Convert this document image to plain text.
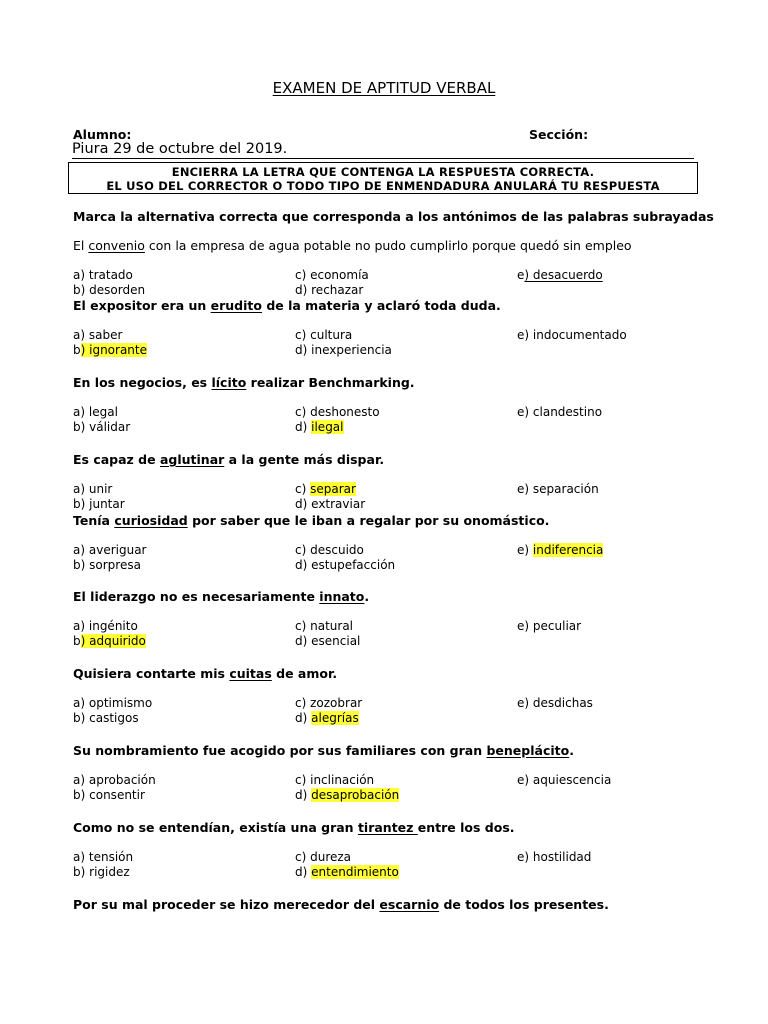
EXAMEN DE APTITUD VERBAL
Alumno:	Sección:
Piura 29 de octubre del 2019.
ENCIERRA LA LETRA QUE CONTENGA LA RESPUESTA CORRECTA.
EL USO DEL CORRECTOR O TODO TIPO DE ENMENDADURA ANULARÁ TU RESPUESTA
Marca la alternativa correcta que corresponda a los antónimos de las palabras subrayadas
El convenio con la empresa de agua potable no pudo cumplirlo porque quedó sin empleo
a) tratado
b) desorden
c) economía
d) rechazar
e) desacuerdo
El expositor era un erudito de la materia y aclaró toda duda.
a) saber
b) ignorante
c) cultura
d) inexperiencia
e) indocumentado
En los negocios, es lícito realizar Benchmarking.
a) legal
b) válidar
c) deshonesto
d) ilegal
e) clandestino
Es capaz de aglutinar a la gente más dispar.
a) unir
b) juntar
c) separar
d) extraviar
e) separación
Tenía curiosidad por saber que le iban a regalar por su onomástico.
a) averiguar
b) sorpresa
c) descuido
d) estupefacción
e) indiferencia
El liderazgo no es necesariamente innato.
a) ingénito
b) adquirido
c) natural
d) esencial
e) peculiar
Quisiera contarte mis cuitas de amor.
a) optimismo
b) castigos
c) zozobrar
d) alegrías
e) desdichas
Su nombramiento fue acogido por sus familiares con gran beneplácito.
a) aprobación
b) consentir
c) inclinación
d) desaprobación
e) aquiescencia
Como no se entendían, existía una gran tirantez entre los dos.
a) tensión
b) rigidez
c) dureza
d) entendimiento
e) hostilidad
Por su mal proceder se hizo merecedor del escarnio de todos los presentes.
